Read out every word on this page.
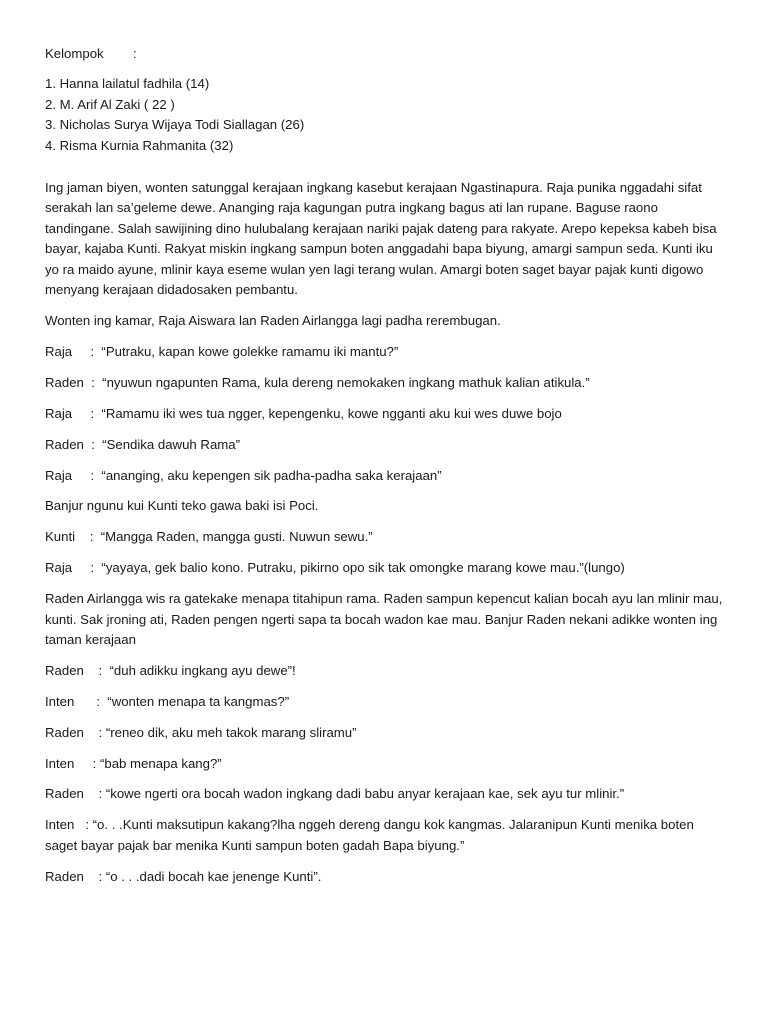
Kelompok        :

1. Hanna lailatul fadhila (14)

2. M. Arif Al Zaki ( 22 )

3. Nicholas Surya Wijaya Todi Siallagan (26)

4. Risma Kurnia Rahmanita (32)

Ing jaman biyen, wonten satunggal kerajaan ingkang kasebut kerajaan Ngastinapura. Raja punika nggadahi sifat serakah lan sa’geleme dewe. Ananging raja kagungan putra ingkang bagus ati lan rupane. Baguse raono tandingane. Salah sawijining dino hulubalang kerajaan nariki pajak dateng para rakyate. Arepo kepeksa kabeh bisa bayar, kajaba Kunti. Rakyat miskin ingkang sampun boten anggadahi bapa biyung, amargi sampun seda. Kunti iku yo ra maido ayune, mlinir kaya eseme wulan yen lagi terang wulan. Amargi boten saget bayar pajak kunti digowo menyang kerajaan didadosaken pembantu.

Wonten ing kamar, Raja Aiswara lan Raden Airlangga lagi padha rerembugan.

Raja     :  “Putraku, kapan kowe golekke ramamu iki mantu?”

Raden  :  “nyuwun ngapunten Rama, kula dereng nemokaken ingkang mathuk kalian atikula.”

Raja     :  “Ramamu iki wes tua ngger, kepengenku, kowe ngganti aku kui wes duwe bojo

Raden  :  “Sendika dawuh Rama”

Raja     :  “ananging, aku kepengen sik padha-padha saka kerajaan”

Banjur ngunu kui Kunti teko gawa baki isi Poci.

Kunti    :  “Mangga Raden, mangga gusti. Nuwun sewu.”

Raja     :  “yayaya, gek balio kono. Putraku, pikirno opo sik tak omongke marang kowe mau.”(lungo)

Raden Airlangga wis ra gatekake menapa titahipun rama. Raden sampun kepencut kalian bocah ayu lan mlinir mau, kunti. Sak jroning ati, Raden pengen ngerti sapa ta bocah wadon kae mau. Banjur Raden nekani adikke wonten ing taman kerajaan

Raden    :  “duh adikku ingkang ayu dewe”!

Inten      :  “wonten menapa ta kangmas?”

Raden    : “reneo dik, aku meh takok marang sliramu”

Inten     : “bab menapa kang?”

Raden    : “kowe ngerti ora bocah wadon ingkang dadi babu anyar kerajaan kae, sek ayu tur mlinir.”

Inten   : “o. . .Kunti maksutipun kakang?lha nggeh dereng dangu kok kangmas. Jalaranipun Kunti menika boten saget bayar pajak bar menika Kunti sampun boten gadah Bapa biyung.”

Raden    : “o . . .dadi bocah kae jenenge Kunti”.
